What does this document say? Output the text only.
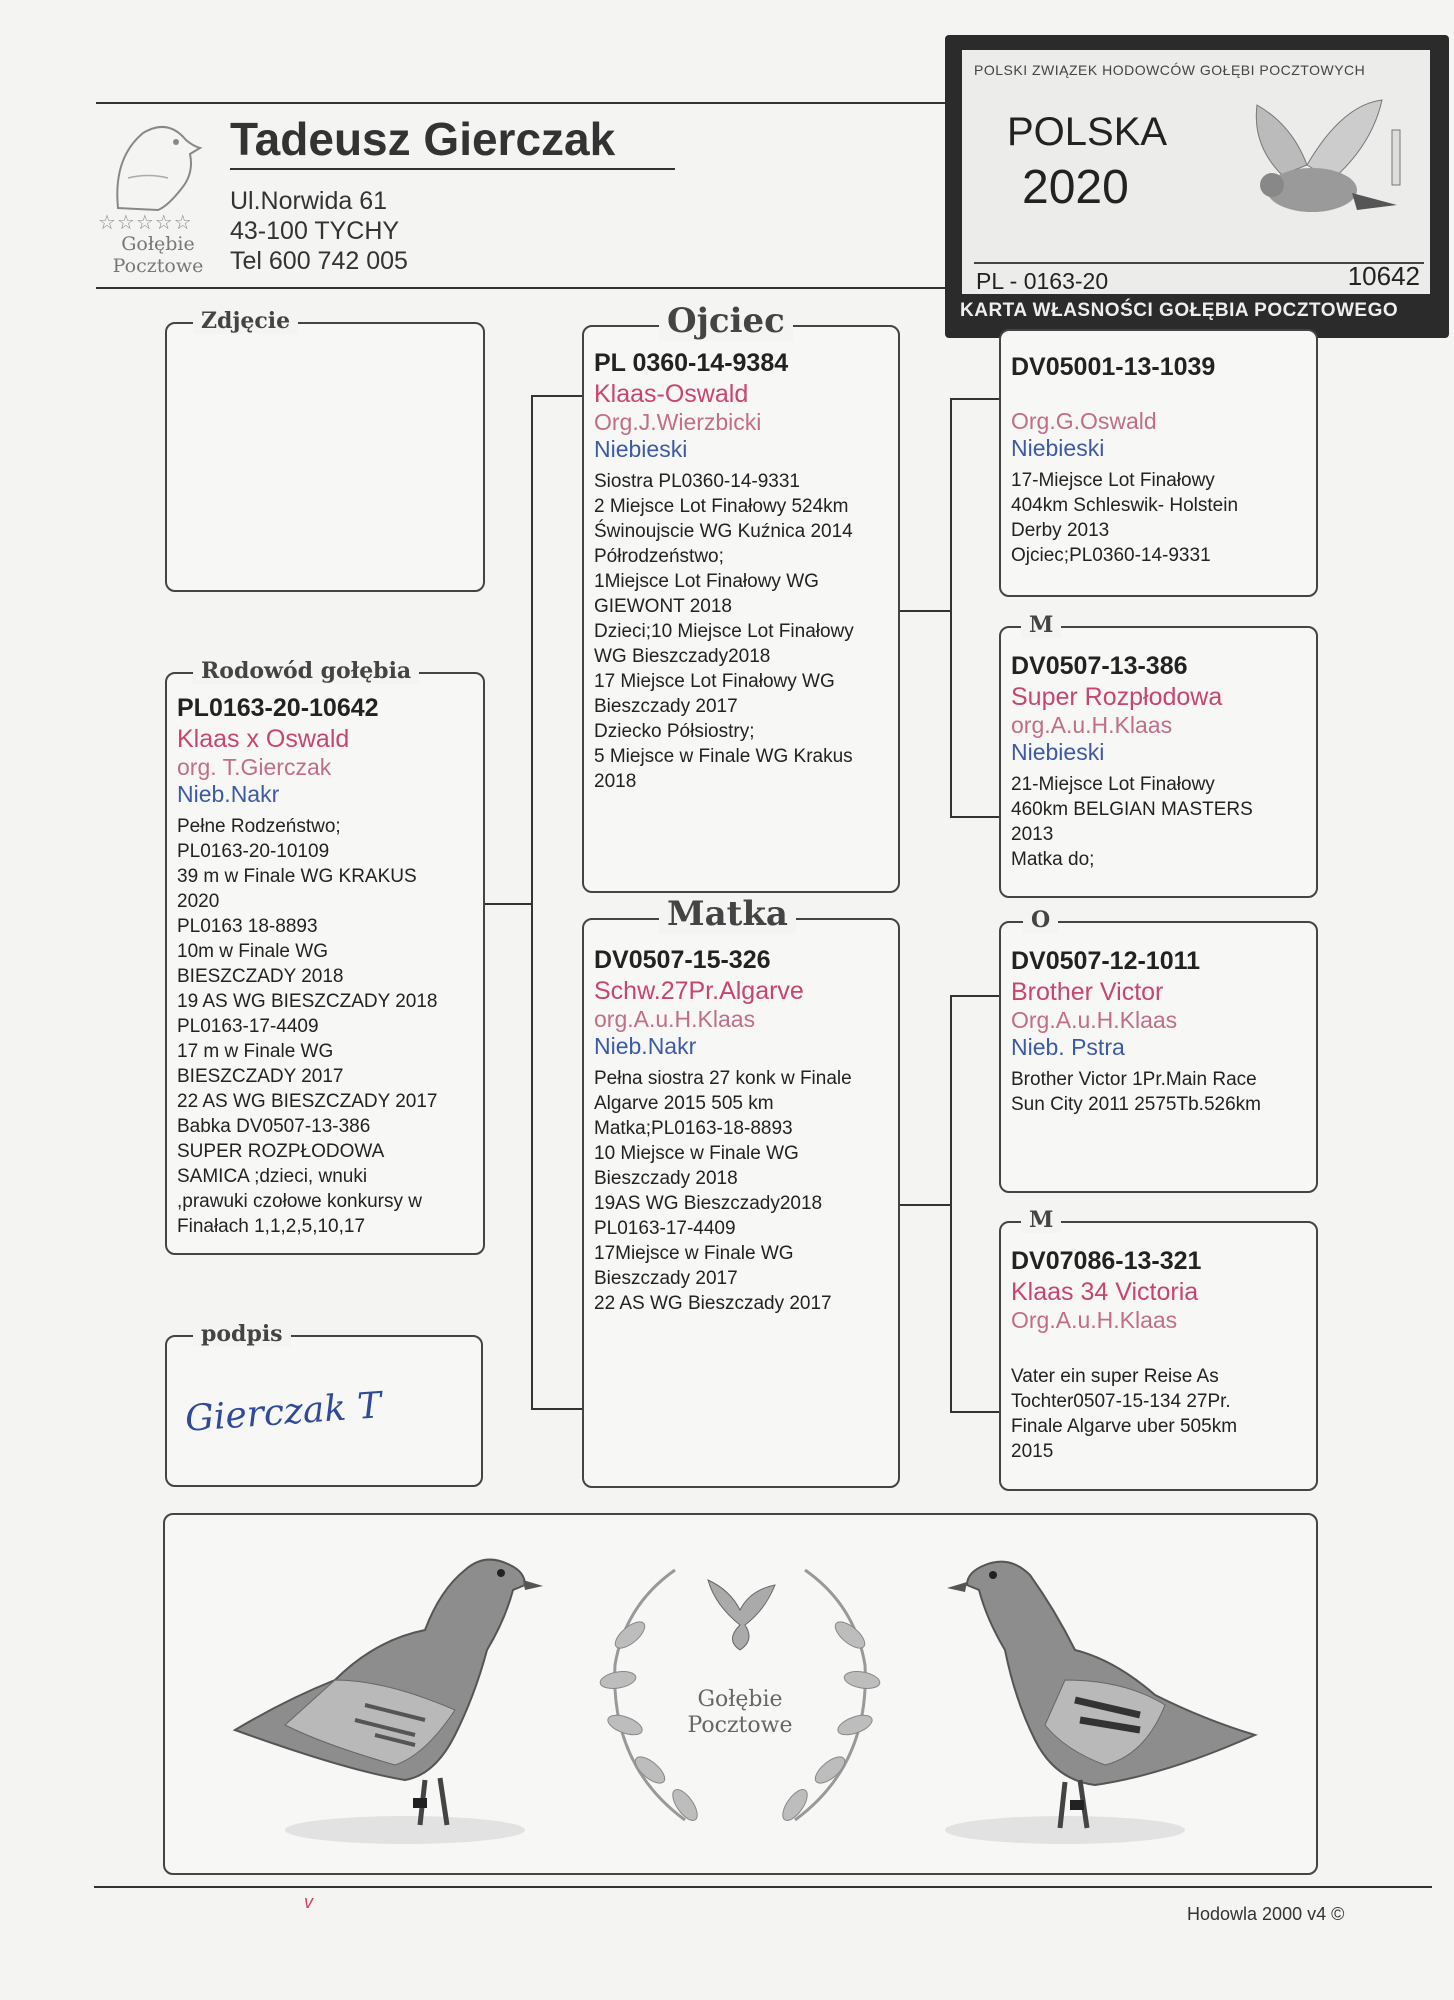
☆☆☆☆☆
Gołębie
Pocztowe
Tadeusz Gierczak
Ul.Norwida 61
43-100 TYCHY
Tel 600 742 005
POLSKI ZWIĄZEK HODOWCÓW GOŁĘBI POCZTOWYCH
POLSKA
2020
PL - 0163-20	10642
KARTA WŁASNOŚCI GOŁĘBIA POCZTOWEGO
Zdjęcie
Rodowód gołębia
PL0163-20-10642
Klaas x Oswald
org. T.Gierczak
Nieb.Nakr
Pełne Rodzeństwo;
PL0163-20-10109
39 m w Finale WG KRAKUS
2020
PL0163 18-8893
10m w Finale WG
BIESZCZADY 2018
19 AS WG BIESZCZADY 2018
PL0163-17-4409
17 m w Finale WG
BIESZCZADY 2017
22 AS WG BIESZCZADY 2017
Babka DV0507-13-386
SUPER ROZPŁODOWA
SAMICA ;dzieci, wnuki
,prawuki czołowe konkursy w
Finałach 1,1,2,5,10,17
podpis
Gierczak T
Ojciec
PL 0360-14-9384
Klaas-Oswald
Org.J.Wierzbicki
Niebieski
Siostra PL0360-14-9331
2 Miejsce Lot Finałowy 524km
Świnoujscie WG Kuźnica 2014
Półrodzeństwo;
1Miejsce Lot Finałowy WG
GIEWONT 2018
Dzieci;10 Miejsce Lot Finałowy
WG Bieszczady2018
17 Miejsce Lot Finałowy WG
Bieszczady 2017
Dziecko Półsiostry;
5 Miejsce w Finale WG Krakus
2018
Matka
DV0507-15-326
Schw.27Pr.Algarve
org.A.u.H.Klaas
Nieb.Nakr
Pełna siostra 27 konk w Finale
Algarve 2015 505 km
Matka;PL0163-18-8893
10 Miejsce w Finale WG
Bieszczady 2018
19AS WG Bieszczady2018
PL0163-17-4409
17Miejsce w Finale WG
Bieszczady 2017
22 AS WG Bieszczady 2017
DV05001-13-1039
Org.G.Oswald
Niebieski
17-Miejsce Lot Finałowy
404km Schleswik- Holstein
Derby 2013
Ojciec;PL0360-14-9331
M
DV0507-13-386
Super Rozpłodowa
org.A.u.H.Klaas
Niebieski
21-Miejsce Lot Finałowy
460km BELGIAN MASTERS
2013
Matka do;
O
DV0507-12-1011
Brother Victor
Org.A.u.H.Klaas
Nieb. Pstra
Brother Victor 1Pr.Main Race
Sun City 2011 2575Tb.526km
M
DV07086-13-321
Klaas 34 Victoria
Org.A.u.H.Klaas
Vater ein super Reise As
Tochter0507-15-134 27Pr.
Finale Algarve uber 505km
2015
Gołębie
Pocztowe
Hodowla 2000 v4 ©
v
